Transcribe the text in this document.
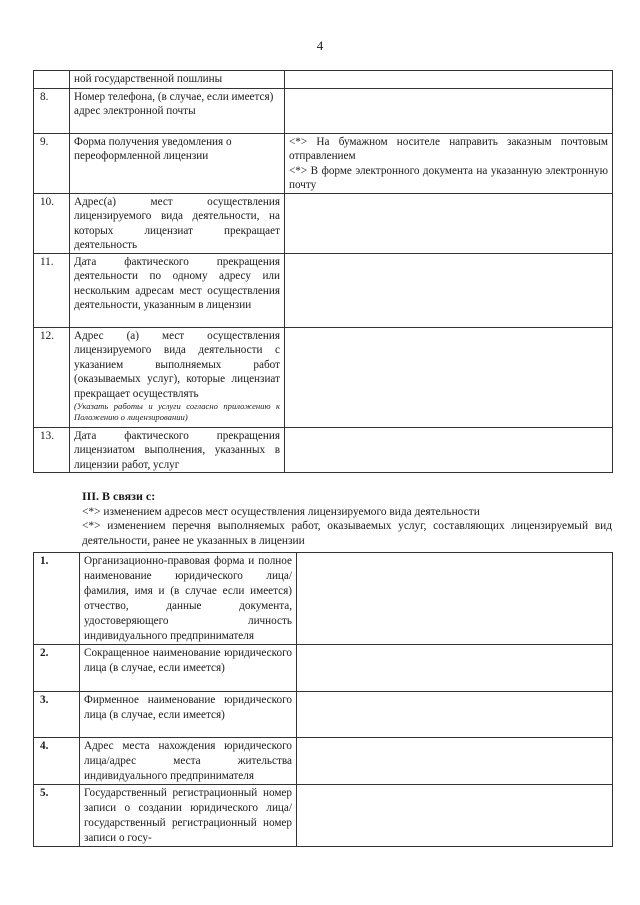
4
	ной государственной пошлины	
8.	Номер телефона, (в случае, если имеется) адрес электронной почты	
9.	Форма получения уведомления о переоформленной лицензии	<*> На бумажном носителе направить заказным почтовым отправлением
<*> В форме электронного документа на указанную электронную почту

10.	Адрес(а) мест осуществления лицензируемого вида деятельности, на которых лицензиат прекращает деятельность	
11.	Дата фактического прекращения деятельности по одному адресу или нескольким адресам мест осуществления деятельности, указанным в лицензии	
12.	Адрес (а) мест осуществления лицензируемого вида деятельности с указанием выполняемых работ (оказываемых услуг), которые лицензиат прекращает осуществлять
(Указать работы и услуги согласно приложению к Положению о лицензировании)	

13.	Дата фактического прекращения лицензиатом выполнения, указанных в лицензии работ, услуг	
III. В связи с:
<*> изменением адресов мест осуществления лицензируемого вида деятельности
<*> изменением перечня выполняемых работ, оказываемых услуг, составляющих лицензируемый вид деятельности, ранее не указанных в лицензии
1.	Организационно-правовая форма и полное наименование юридического лица/фамилия, имя и (в случае если имеется) отчество, данные документа, удостоверяющего личность индивидуального предпринимателя	
2.	Сокращенное наименование юридического лица (в случае, если имеется)	
3.	Фирменное наименование юридического лица (в случае, если имеется)	
4.	Адрес места нахождения юридического лица/адрес места жительства индивидуального предпринимателя	
5.	Государственный регистрационный номер записи о создании юридического лица/государственный регистрационный номер записи о госу-	
